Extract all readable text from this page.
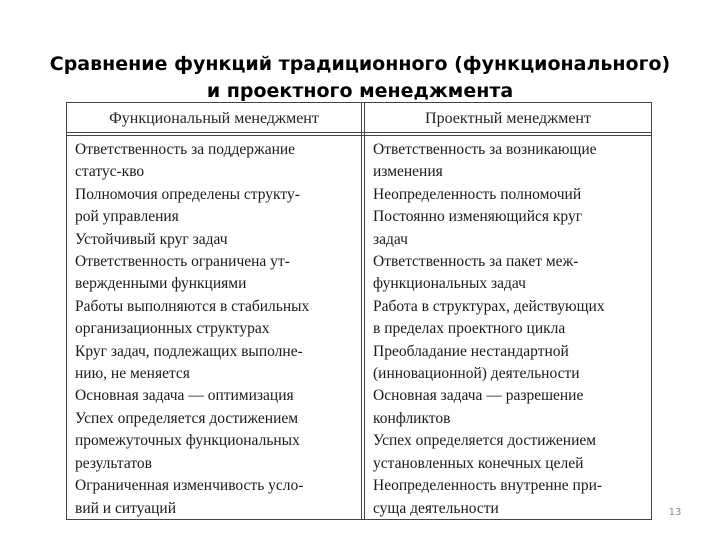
Сравнение функций традиционного (функционального)
и проектного менеджмента
Функциональный менеджмент	Проектный менеджмент
Ответственность за поддержание
статус-кво
Полномочия определены структу-
рой управления
Устойчивый круг задач
Ответственность ограничена ут-
вержденными функциями
Работы выполняются в стабильных
организационных структурах
Круг задач, подлежащих выполне-
нию, не меняется
Основная задача — оптимизация
Успех определяется достижением
промежуточных функциональных
результатов
Ограниченная изменчивость усло-
вий и ситуаций
Ответственность за возникающие
изменения
Неопределенность полномочий
Постоянно изменяющийся круг
задач
Ответственность за пакет меж-
функциональных задач
Работа в структурах, действующих
в пределах проектного цикла
Преобладание нестандартной
(инновационной) деятельности
Основная задача — разрешение
конфликтов
Успех определяется достижением
установленных конечных целей
Неопределенность внутренне при-
суща деятельности	13
